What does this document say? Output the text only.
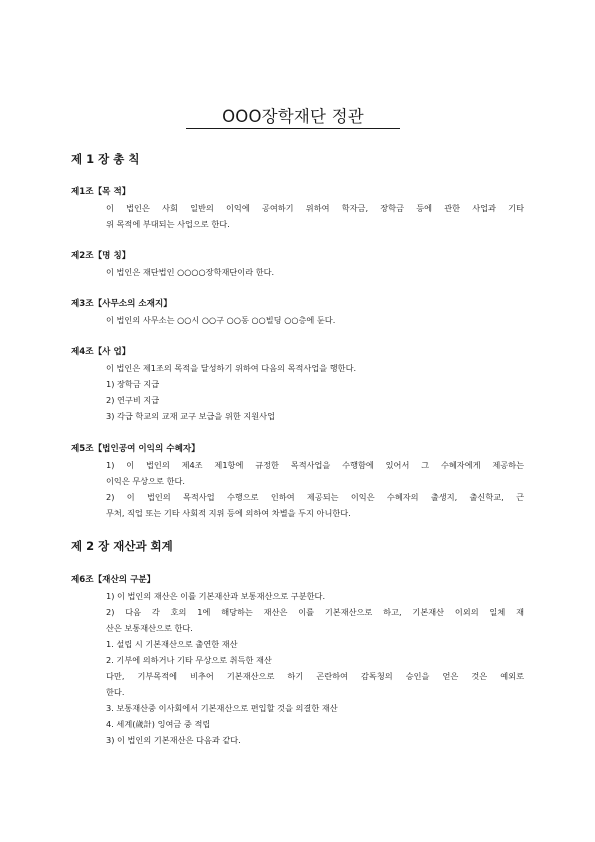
OOO장학재단 정관
제 1 장 총 칙
제1조【목 적】
이 법인은 사회 일반의 이익에 공여하기 위하여 학자금, 장학금 등에 관한 사업과 기타
위 목적에 부대되는 사업으로 한다.
제2조【명 칭】
이 법인은 재단법인 ○○○○장학재단이라 한다.
제3조【사무소의 소재지】
이 법인의 사무소는 ○○시 ○○구 ○○동 ○○빌딩 ○○층에 둔다.
제4조【사 업】
이 법인은 제1조의 목적을 달성하기 위하여 다음의 목적사업을 행한다.
1) 장학금 지급
2) 연구비 지급
3) 각급 학교의 교재 교구 보급을 위한 지원사업
제5조【법인공여 이익의 수혜자】
1) 이 법인의 제4조 제1항에 규정한 목적사업을 수행함에 있어서 그 수혜자에게 제공하는
이익은 무상으로 한다.
2) 이 법인의 목적사업 수행으로 인하여 제공되는 이익은 수혜자의 출생지, 출신학교, 근
무처, 직업 또는 기타 사회적 지위 등에 의하여 차별을 두지 아니한다.
제 2 장 재산과 회계
제6조【재산의 구분】
1) 이 법인의 재산은 이를 기본재산과 보통재산으로 구분한다.
2) 다음 각 호의 1에 해당하는 재산은 이를 기본재산으로 하고, 기본재산 이외의 일체 재
산은 보통재산으로 한다.
1. 설립 시 기본재산으로 출연한 재산
2. 기부에 의하거나 기타 무상으로 취득한 재산
다만, 기부목적에 비추어 기본재산으로 하기 곤란하여 감독청의 승인을 얻은 것은 예외로
한다.
3. 보통재산중 이사회에서 기본재산으로 편입할 것을 의결한 재산
4. 세계(歲計) 잉여금 중 적립
3) 이 법인의 기본재산은 다음과 같다.
